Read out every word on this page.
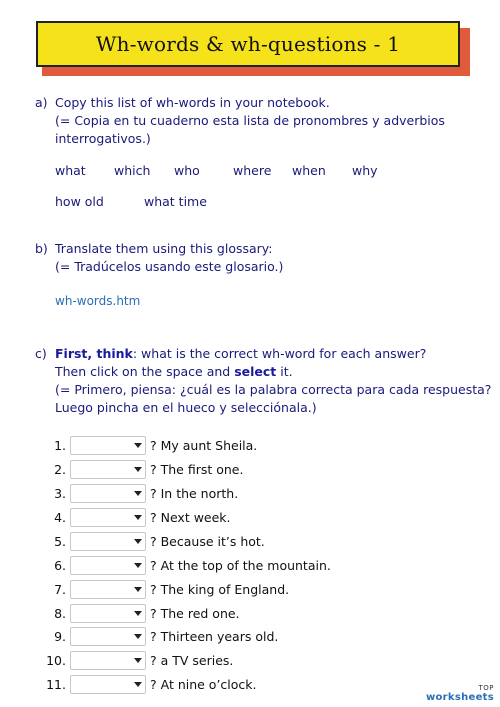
Wh-words & wh-questions - 1
a) Copy this list of wh-words in your notebook.
(= Copia en tu cuaderno esta lista de pronombres y adverbios
interrogativos.)
what which who	where when why
how old	what time
b) Translate them using this glossary:
(= Tradúcelos usando este glosario.)
wh-words.htm
c) First, think: what is the correct wh-word for each answer?
Then click on the space and select it.
(= Primero, piensa: ¿cuál es la palabra correcta para cada respuesta?
Luego pincha en el hueco y selecciónala.)
1.	? My aunt Sheila.
2.	? The first one.
3.	? In the north.
4.	? Next week.
5.	? Because it’s hot.
6.	? At the top of the mountain.
7.	? The king of England.
8.	? The red one.
9.	? Thirteen years old.
10.	? a TV series.
11.	? At nine o’clock.	TOP
worksheets
